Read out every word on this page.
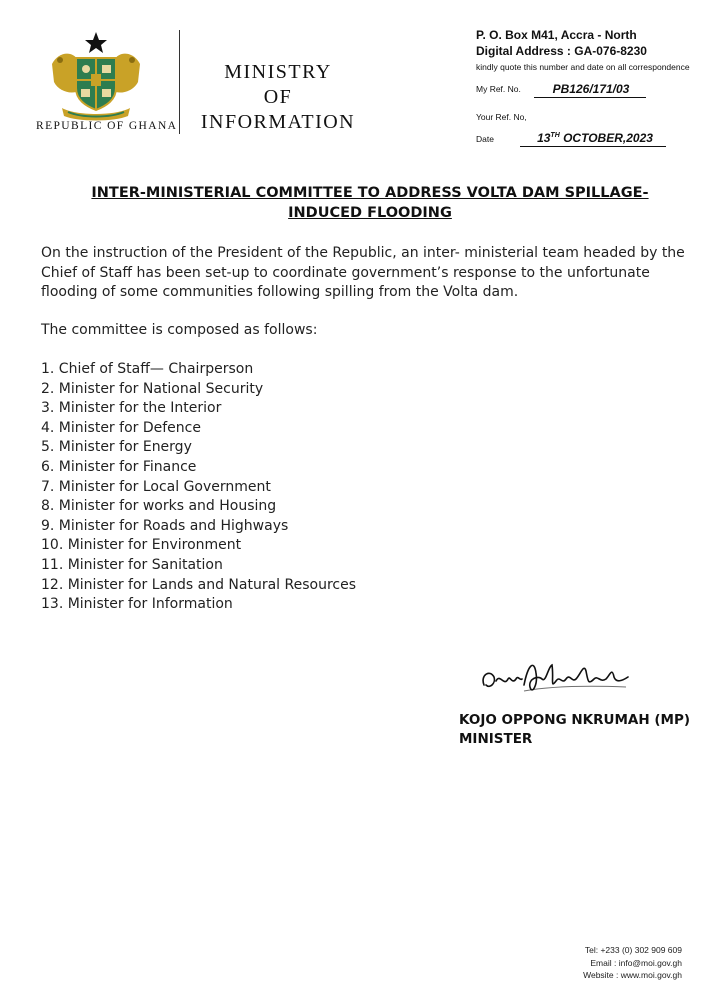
REPUBLIC OF GHANA
MINISTRY
OF
INFORMATION
P. O. Box M41, Accra - North
Digital Address : GA-076-8230
kindly quote this number and date on all correspondence
My Ref. No.	PB126/171/03
Your Ref. No,
Date	13TH OCTOBER,2023
INTER-MINISTERIAL COMMITTEE TO ADDRESS VOLTA DAM SPILLAGE-
INDUCED FLOODING
On the instruction of the President of the Republic, an inter- ministerial team headed by the Chief of Staff has been set-up to coordinate government’s response to the unfortunate flooding of some communities following spilling from the Volta dam.
The committee is composed as follows:
1. Chief of Staff— Chairperson
2. Minister for National Security
3. Minister for the Interior
4. Minister for Defence
5. Minister for Energy
6. Minister for Finance
7. Minister for Local Government
8. Minister for works and Housing
9. Minister for Roads and Highways
10. Minister for Environment
11. Minister for Sanitation
12. Minister for Lands and Natural Resources
13. Minister for Information
KOJO OPPONG NKRUMAH (MP)
MINISTER
Tel: +233 (0) 302 909 609
Email : info@moi.gov.gh
Website : www.moi.gov.gh
